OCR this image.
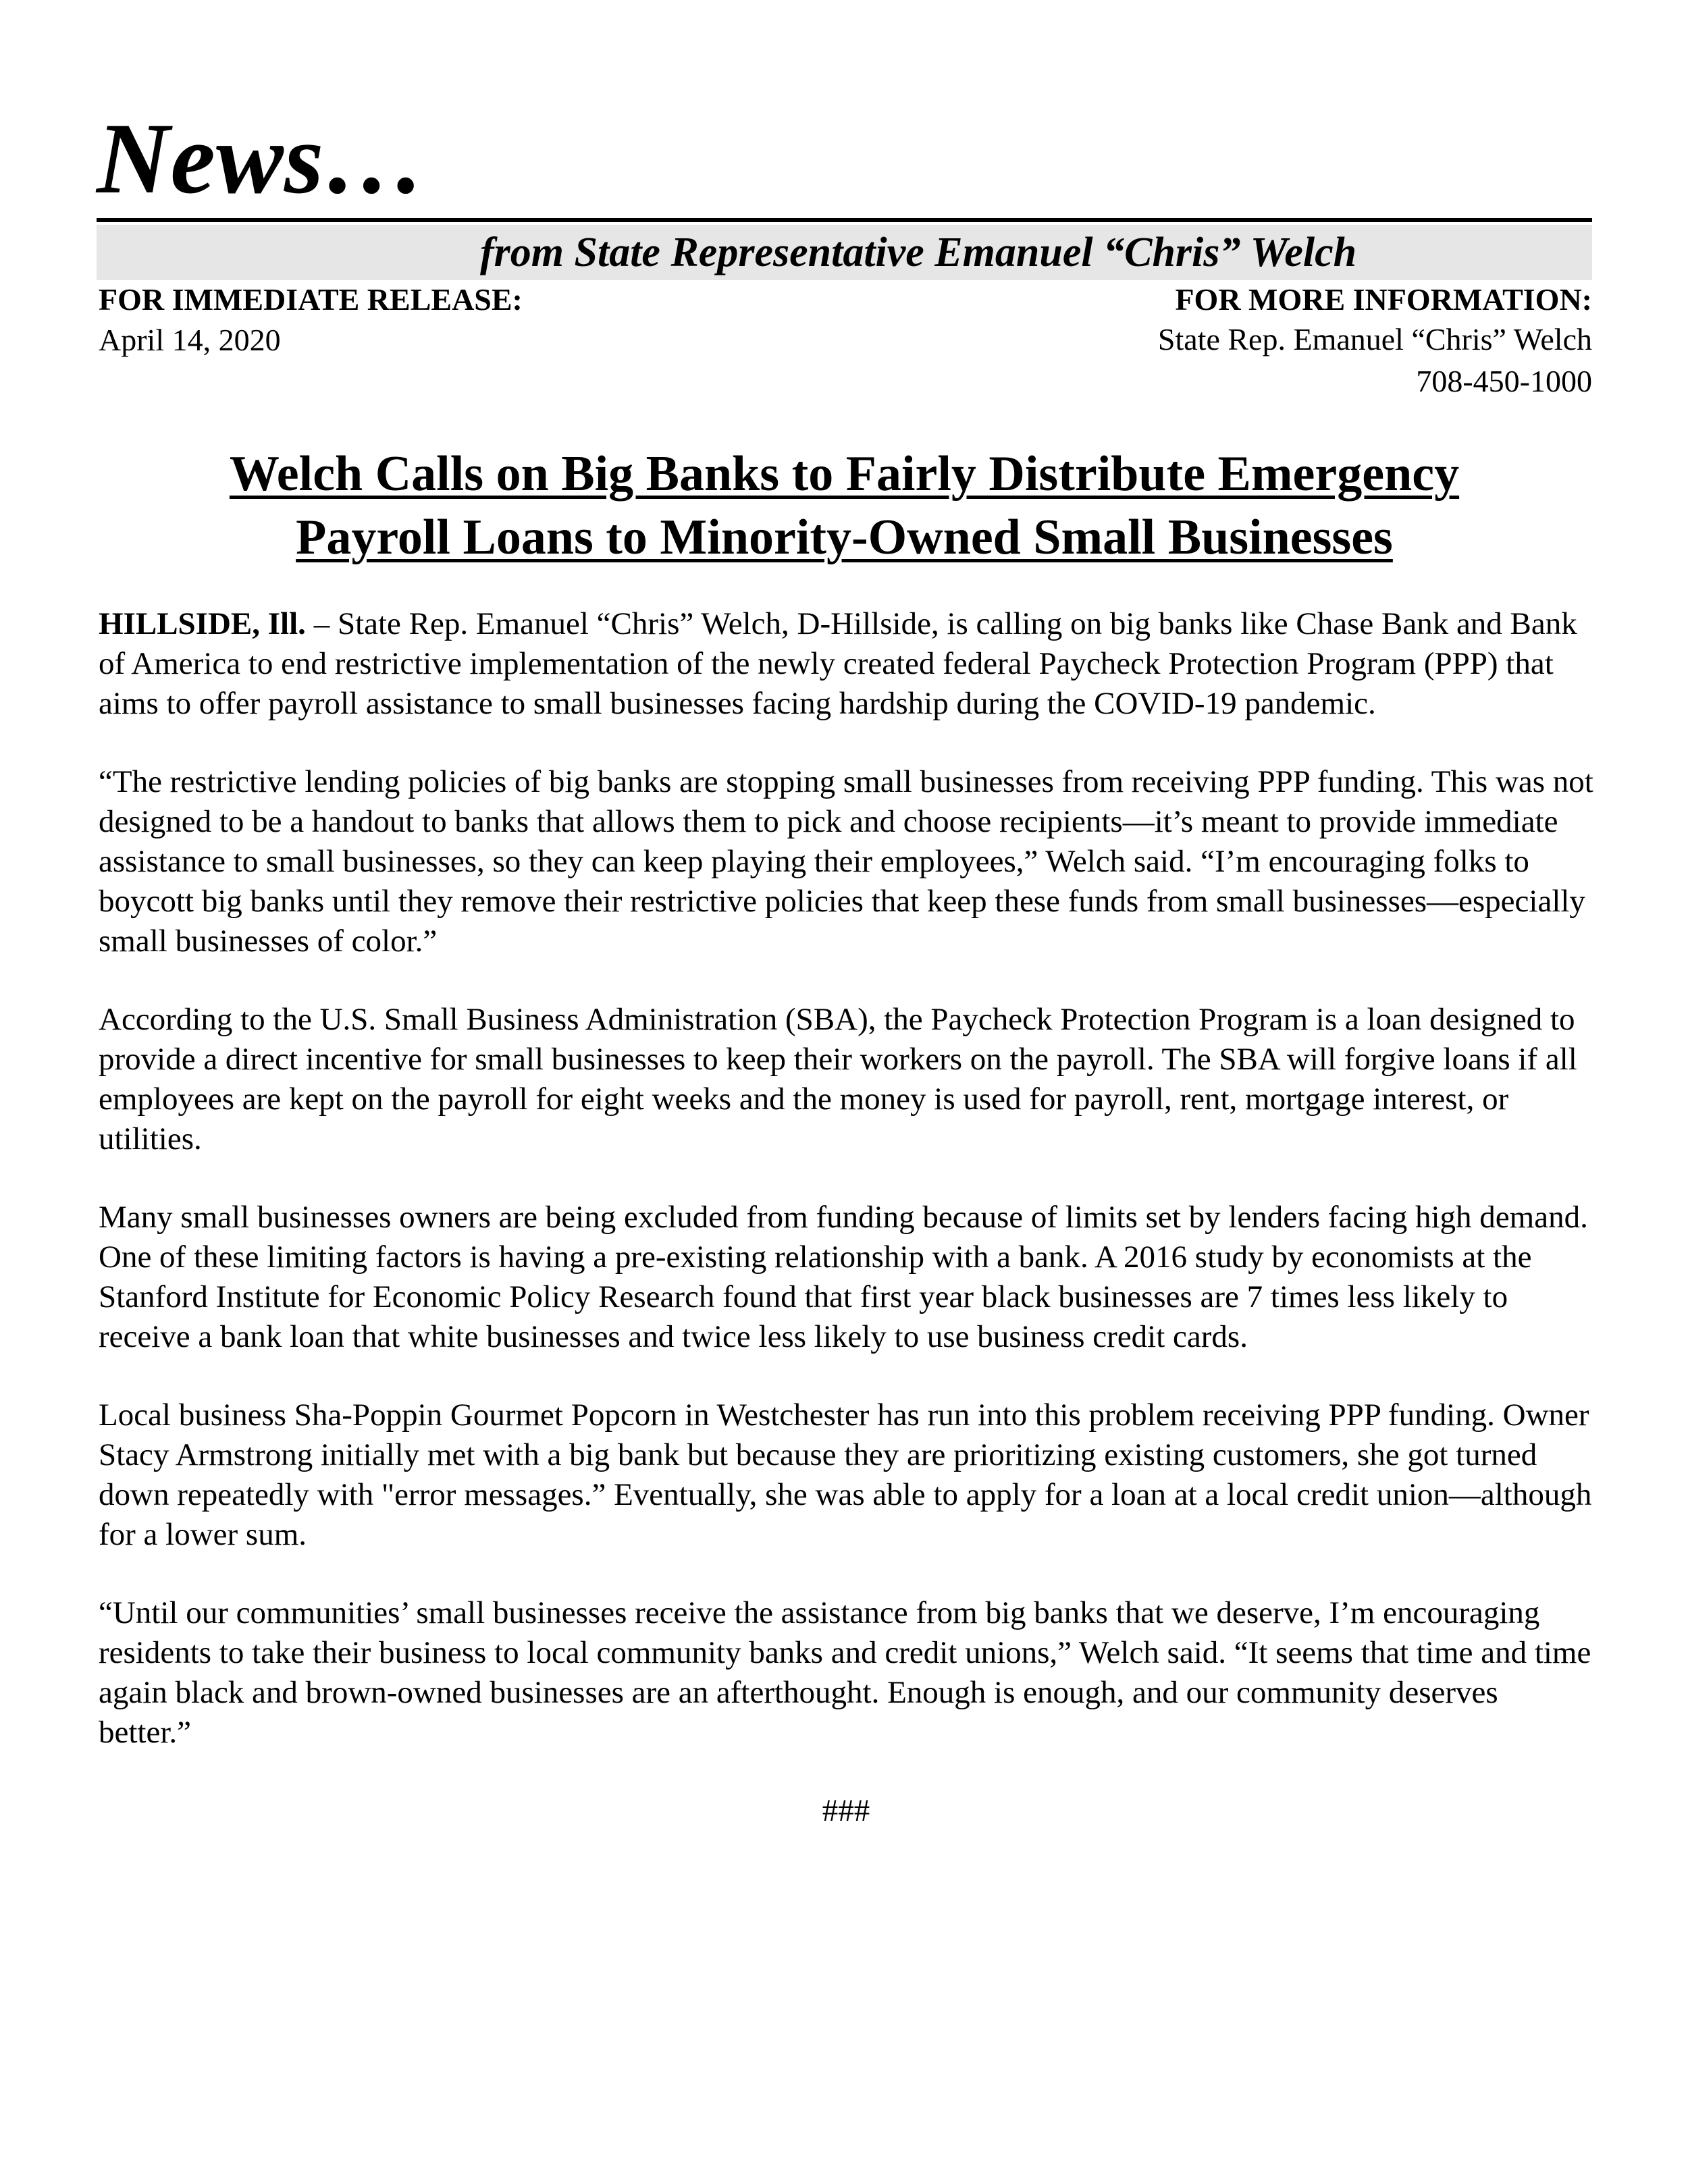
News…
from State Representative Emanuel “Chris” Welch
FOR IMMEDIATE RELEASE:
April 14, 2020
FOR MORE INFORMATION:
State Rep. Emanuel “Chris” Welch
708-450-1000
Welch Calls on Big Banks to Fairly Distribute Emergency
Payroll Loans to Minority-Owned Small Businesses

HILLSIDE, Ill. – State Rep. Emanuel “Chris” Welch, D-Hillside, is calling on big banks like Chase Bank and Bank of America to end restrictive implementation of the newly created federal Paycheck Protection Program (PPP) that aims to offer payroll assistance to small businesses facing hardship during the COVID-19 pandemic.

“The restrictive lending policies of big banks are stopping small businesses from receiving PPP funding. This was not designed to be a handout to banks that allows them to pick and choose recipients—it’s meant to provide immediate assistance to small businesses, so they can keep playing their employees,” Welch said. “I’m encouraging folks to boycott big banks until they remove their restrictive policies that keep these funds from small businesses—especially small businesses of color.”

According to the U.S. Small Business Administration (SBA), the Paycheck Protection Program is a loan designed to provide a direct incentive for small businesses to keep their workers on the payroll. The SBA will forgive loans if all employees are kept on the payroll for eight weeks and the money is used for payroll, rent, mortgage interest, or utilities.

Many small businesses owners are being excluded from funding because of limits set by lenders facing high demand. One of these limiting factors is having a pre-existing relationship with a bank. A 2016 study by economists at the Stanford Institute for Economic Policy Research found that first year black businesses are 7 times less likely to receive a bank loan that white businesses and twice less likely to use business credit cards.

Local business Sha-Poppin Gourmet Popcorn in Westchester has run into this problem receiving PPP funding. Owner Stacy Armstrong initially met with a big bank but because they are prioritizing existing customers, she got turned down repeatedly with "error messages.” Eventually, she was able to apply for a loan at a local credit union—although for a lower sum.

“Until our communities’ small businesses receive the assistance from big banks that we deserve, I’m encouraging residents to take their business to local community banks and credit unions,” Welch said. “It seems that time and time again black and brown-owned businesses are an afterthought. Enough is enough, and our community deserves better.”

###
